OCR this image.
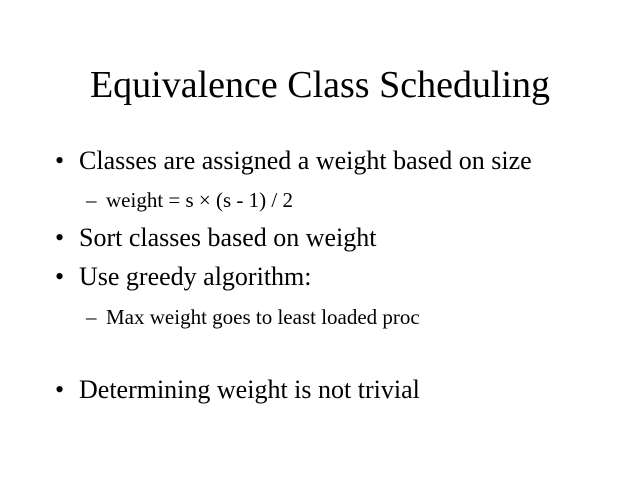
Equivalence Class Scheduling
• Classes are assigned a weight based on size
– weight = s × (s - 1) / 2
• Sort classes based on weight
• Use greedy algorithm:
– Max weight goes to least loaded proc
• Determining weight is not trivial
